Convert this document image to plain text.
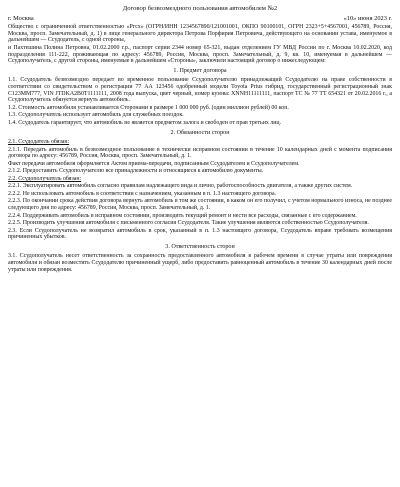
Договор безвозмездного пользования автомобилем №2
г. Москва	«10» июня 2023 г.

Общество с ограниченной ответственностью «Ргсх» (ОГРН/ИНН 1234567890/121001001, ОКПО 90100101, ОГРН 2323+5+4567001, 456789, Россия, Москва, просп. Замечательный, д. 1) в лице генерального директора Петрова Порфирия Петровича, действующего на основании устава, именуемое в дальнейшем — Ссудодатель, с одной стороны,

и Пахтешина Полина Петровна, 01.02.2000 г.р., паспорт серии 2344 номер 65-321, выдан отделением ГУ МВД России по г. Москва 10.02.2020, код подразделения 111-222, проживающая по адресу: 456789, Россия, Москва, просп. Замечательный, д. 9, кв. 10, именуемая в дальнейшем — Ссудополучатель, с другой стороны, именуемые в дальнейшем «Стороны», заключили настоящий договор о нижеследующем:

1. Предмет договора

1.1. Ссудодатель безвозмездно передает во временное пользование Ссудополучателю принадлежащий Ссудодателю на праве собственности в соответствии со свидетельством о регистрации 77 АА 123456 одобренный модели Toyota Prius гибрид, государственный регистрационный знак С123ММ777, VIN JTDKA2B0T1111111, 2008 года выпуска, цвет черный, номер кузова: XNNH11111111, паспорт ТС № 77 ТТ 654321 от 20.02.2016 г., а Ссудополучатель обязуется вернуть автомобиль.

1.2. Стоимость автомобиля устанавливается Сторонами в размере 1 000 000 руб. (один миллион рублей) 00 коп.

1.3. Ссудополучатель использует автомобиль для служебных поездок.

1.4. Ссудодатель гарантирует, что автомобиль не является предметом залога и свободен от прав третьих лиц.

2. Обязанности сторон

2.1. Ссудодатель обязан:

2.1.1. Передать автомобиль в безвозмездное пользование в технически исправном состоянии в течение 10 календарных дней с момента подписания договора по адресу: 456789, Россия, Москва, просп. Замечательный, д. 1.

Факт передачи автомобиля оформляется Актом приема-передачи, подписанным Ссудодателем и Ссудополучателем.

2.1.2. Предоставить Ссудополучателю все принадлежности и относящиеся к автомобилю документы.

2.2. Ссудополучатель обязан:

2.2.1. Эксплуатировать автомобиль согласно правилам надлежащего вида и лично, работоспособность двигателя, а также других систем.

2.2.2. Не использовать автомобиль в соответствии с назначением, указанным в п. 1.3 настоящего договора.

2.2.3. По окончании срока действия договора вернуть автомобиль в том же состоянии, в каком он его получил, с учетом нормального износа, не позднее следующего дня по адресу: 456789, Россия, Москва, просп. Замечательный, д. 1.

2.2.4. Поддерживать автомобиль в исправном состоянии, производить текущий ремонт и нести все расходы, связанные с его содержанием.

2.2.5. Производить улучшения автомобиля с письменного согласия Ссудодателя. Такие улучшения являются собственностью Ссудополучателя.

2.3. Если Ссудополучатель не возвратил автомобиль в срок, указанный в п. 1.3 настоящего договора, Ссудодатель вправе требовать возмещения причиненных убытков.

3. Ответственность сторон

3.1. Ссудополучатель несет ответственность за сохранность предоставленного автомобиля в рабочем времени в случае утраты или повреждения автомобиля и обязан возместить Ссудодателю причиненный ущерб, либо предоставить равноценный автомобиль в течение 30 календарных дней после утраты или повреждения.
